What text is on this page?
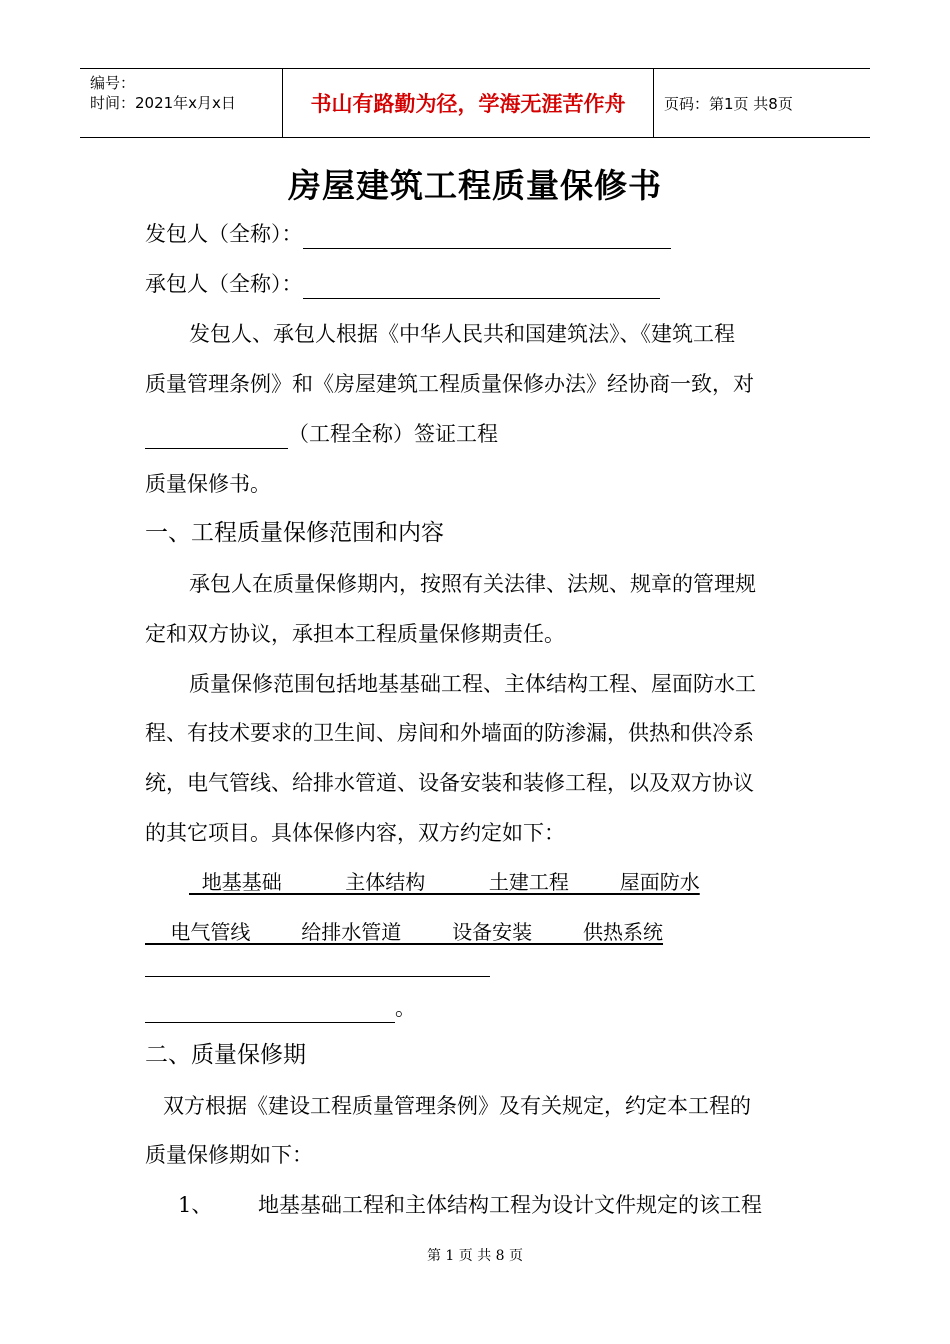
编号：
时间：2021年x月x日	书山有路勤为径，学海无涯苦作舟	页码：第1页 共8页
房屋建筑工程质量保修书
发包人（全称）：
承包人（全称）：
发包人、承包人根据《中华人民共和国建筑法》、《建筑工程
质量管理条例》和《房屋建筑工程质量保修办法》经协商一致，对
（工程全称）签证工程
质量保修书。
一、工程质量保修范围和内容
承包人在质量保修期内，按照有关法律、法规、规章的管理规
定和双方协议，承担本工程质量保修期责任。
质量保修范围包括地基基础工程、主体结构工程、屋面防水工
程、有技术要求的卫生间、房间和外墙面的防渗漏，供热和供冷系
统，电气管线、给排水管道、设备安装和装修工程，以及双方协议
的其它项目。具体保修内容，双方约定如下：
地基基础          主体结构          土建工程        屋面防水
电气管线        给排水管道        设备安装        供热系统
。
二、质量保修期
双方根据《建设工程质量管理条例》及有关规定，约定本工程的
质量保修期如下：
1、 地基基础工程和主体结构工程为设计文件规定的该工程
第 1 页 共 8 页
